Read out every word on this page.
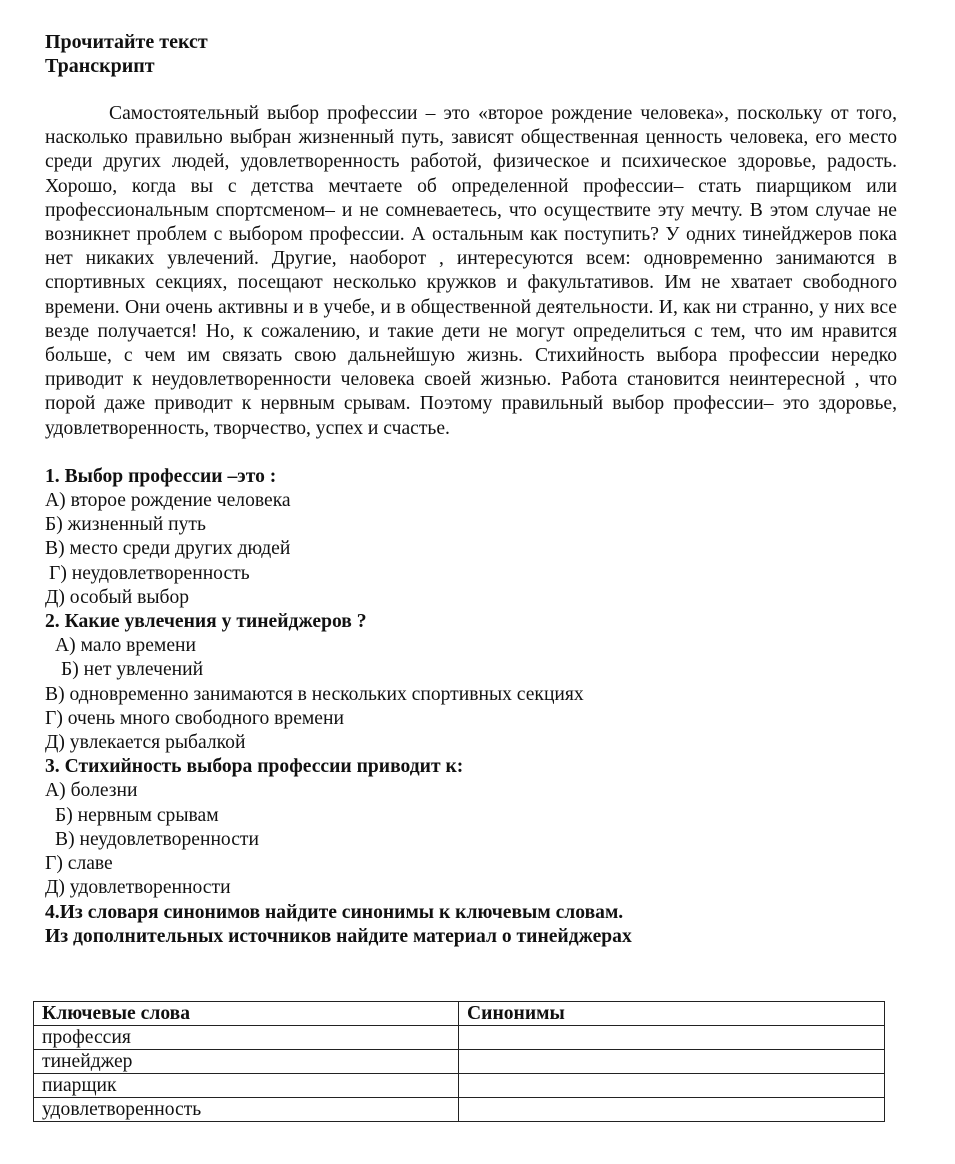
Прочитайте текст

Транскрипт

Самостоятельный выбор профессии – это «второе рождение человека», поскольку от того, насколько правильно выбран жизненный путь, зависят общественная ценность человека, его место среди других людей, удовлетворенность работой, физическое и психическое здоровье, радость. Хорошо, когда вы с детства мечтаете об определенной профессии– стать пиарщиком или профессиональным спортсменом– и не сомневаетесь, что осуществите эту мечту. В этом случае не возникнет проблем с выбором профессии. А остальным как поступить? У одних тинейджеров пока нет никаких увлечений. Другие, наоборот , интересуются всем: одновременно занимаются в спортивных секциях, посещают несколько кружков и факультативов. Им не хватает свободного времени. Они очень активны и в учебе, и в общественной деятельности. И, как ни странно, у них все везде получается! Но, к сожалению, и такие дети не могут определиться с тем, что им нравится больше, с чем им связать свою дальнейшую жизнь. Стихийность выбора профессии нередко приводит к неудовлетворенности человека своей жизнью. Работа становится неинтересной , что порой даже приводит к нервным срывам. Поэтому правильный выбор профессии– это здоровье, удовлетворенность, творчество, успех и счастье.

1. Выбор профессии –это :
А) второе рождение человека
Б) жизненный путь
В) место среди других дюдей
Г) неудовлетворенность
Д) особый выбор
2. Какие увлечения у тинейджеров ?
А) мало времени
Б) нет увлечений
В) одновременно занимаются в нескольких спортивных секциях
Г) очень много свободного времени
Д) увлекается рыбалкой
3. Стихийность выбора профессии приводит к:
А) болезни
Б) нервным срывам
В) неудовлетворенности
Г) славе
Д) удовлетворенности
4.Из словаря синонимов найдите синонимы к ключевым словам.
Из дополнительных источников найдите материал о тинейджерах
Ключевые слова	Синонимы
профессия	
тинейджер	
пиарщик	
удовлетворенность	
